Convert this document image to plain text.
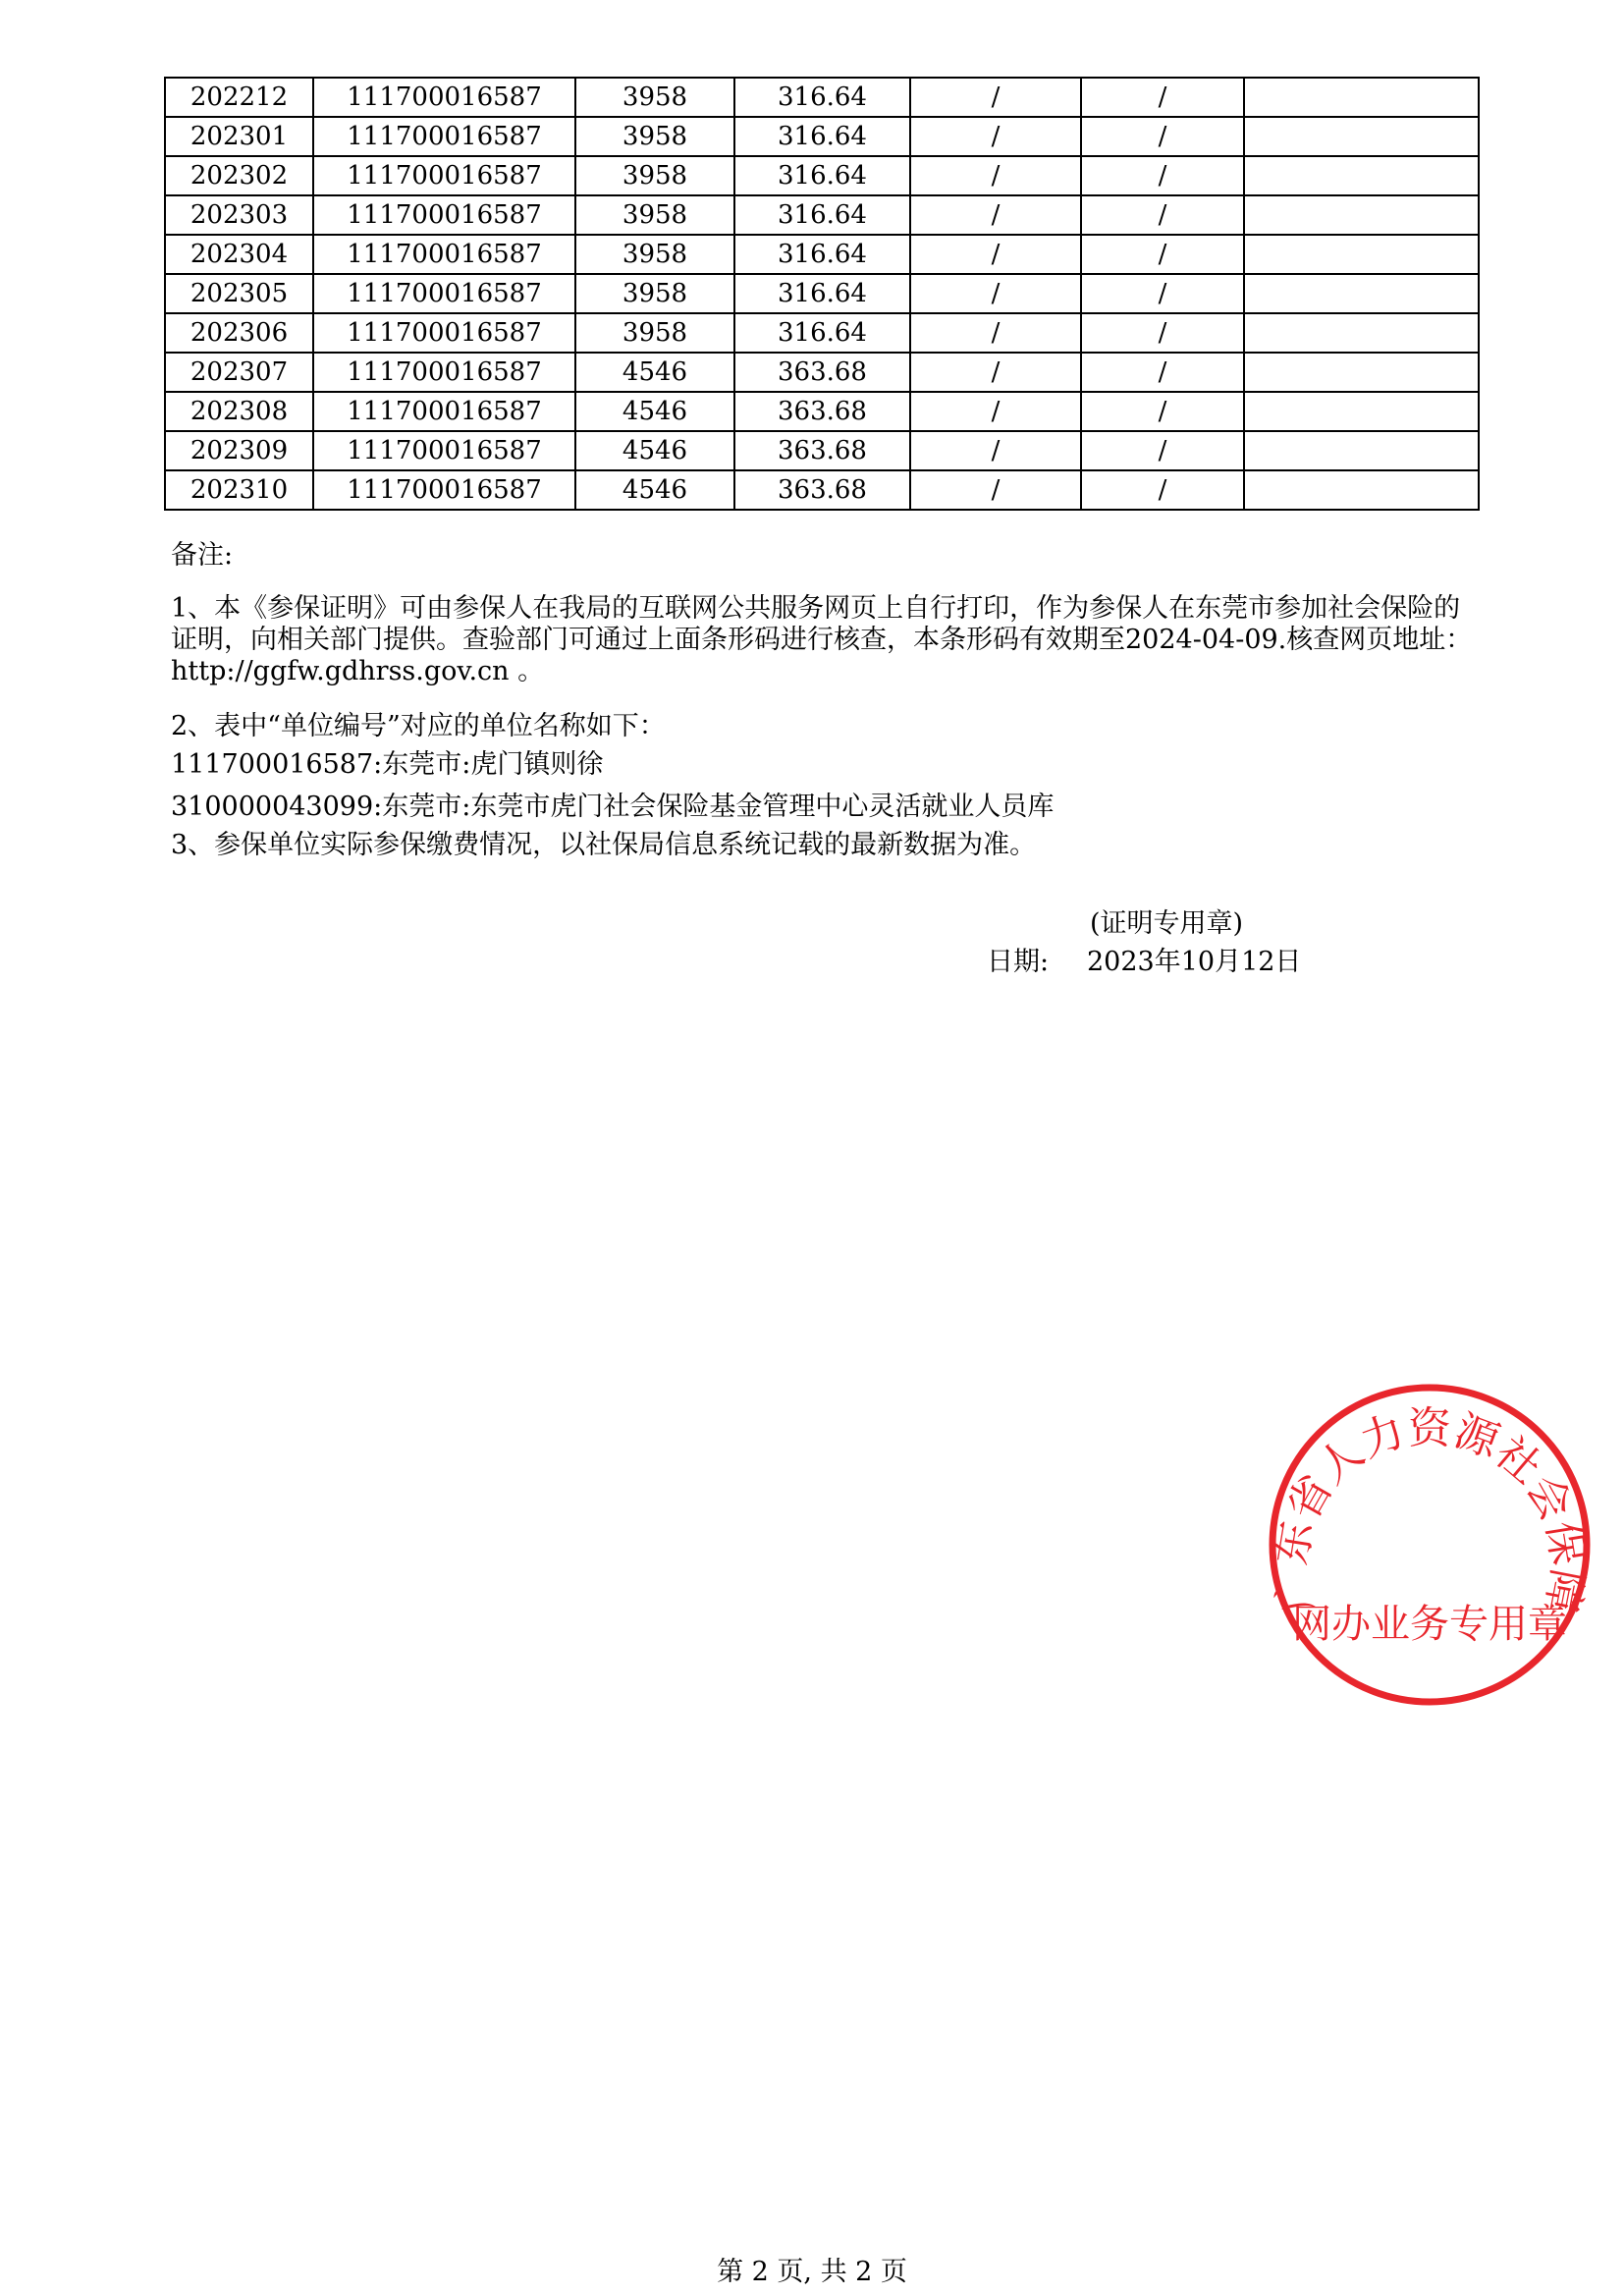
202212	111700016587	3958	316.64	/	/	
202301	111700016587	3958	316.64	/	/	
202302	111700016587	3958	316.64	/	/	
202303	111700016587	3958	316.64	/	/	
202304	111700016587	3958	316.64	/	/	
202305	111700016587	3958	316.64	/	/	
202306	111700016587	3958	316.64	/	/	
202307	111700016587	4546	363.68	/	/	
202308	111700016587	4546	363.68	/	/	
202309	111700016587	4546	363.68	/	/	
202310	111700016587	4546	363.68	/	/	
备注:
1、本《参保证明》可由参保人在我局的互联网公共服务网页上自行打印，作为参保人在东莞市参加社会保险的证明，向相关部门提供。查验部门可通过上面条形码进行核查，本条形码有效期至2024-04-09.核查网页地址：http://ggfw.gdhrss.gov.cn 。
2、表中“单位编号”对应的单位名称如下：
111700016587:东莞市:虎门镇则徐
310000043099:东莞市:东莞市虎门社会保险基金管理中心灵活就业人员库
3、参保单位实际参保缴费情况，以社保局信息系统记载的最新数据为准。
(证明专用章)
日期: 2023年10月12日
广东省人力资源社会保障
网办业务专用章
第 2 页, 共 2 页
